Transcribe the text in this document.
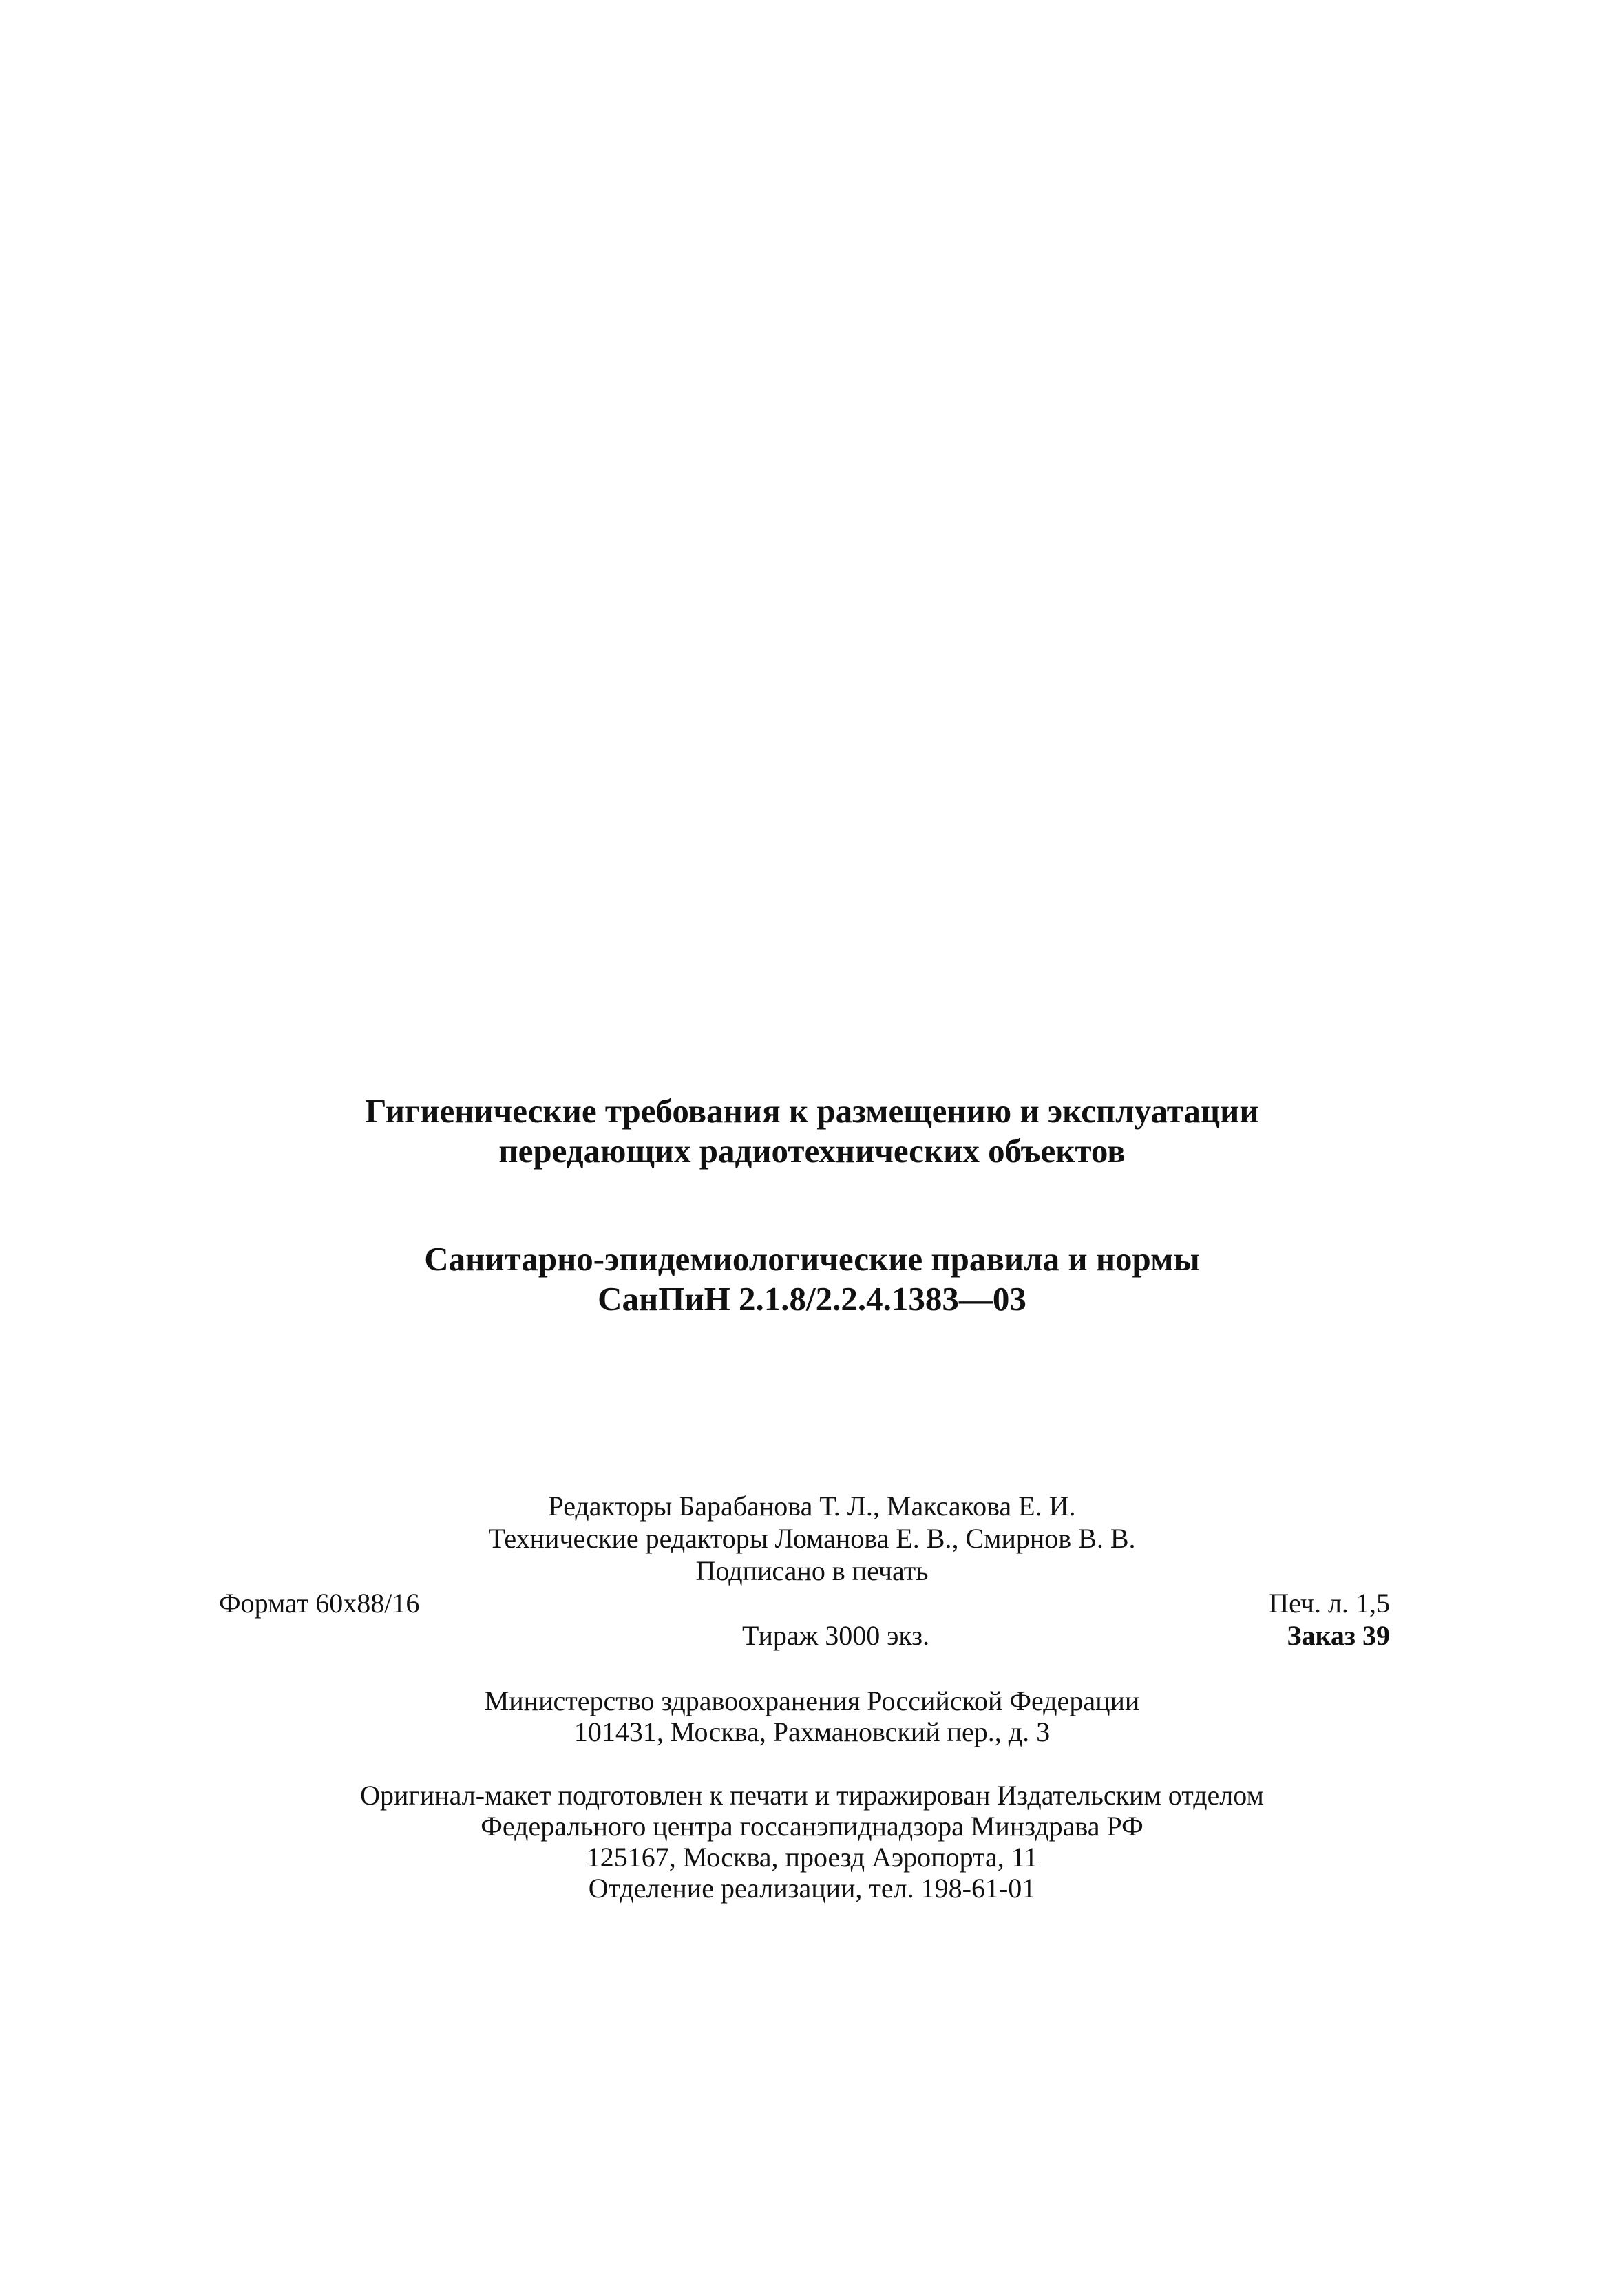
Гигиенические требования к размещению и эксплуатации
передающих радиотехнических объектов
Санитарно-эпидемиологические правила и нормы
СанПиН 2.1.8/2.2.4.1383—03
Редакторы Барабанова Т. Л., Максакова Е. И.
Технические редакторы Ломанова Е. В., Смирнов В. В.
Подписано в печать
Формат 60х88/16	Печ. л. 1,5
Тираж 3000 экз.	Заказ 39
Министерство здравоохранения Российской Федерации
101431, Москва, Рахмановский пер., д. 3
Оригинал-макет подготовлен к печати и тиражирован Издательским отделом
Федерального центра госсанэпиднадзора Минздрава РФ
125167, Москва, проезд Аэропорта, 11
Отделение реализации, тел. 198-61-01
